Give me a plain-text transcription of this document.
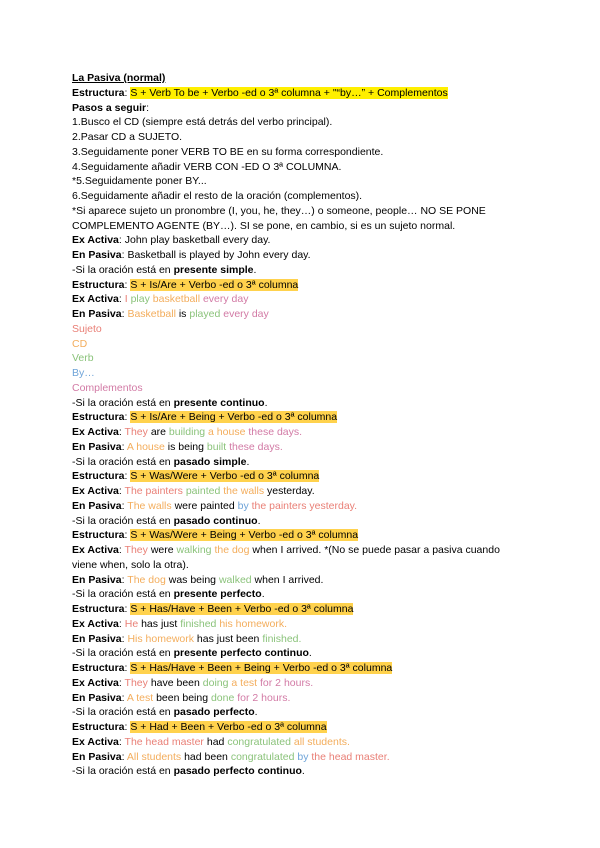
La Pasiva (normal)
Estructura: S + Verb To be + Verbo -ed o 3ª columna + "“by…” + Complementos
Pasos a seguir:
1.Busco el CD (siempre está detrás del verbo principal).
2.Pasar CD a SUJETO.
3.Seguidamente poner VERB TO BE en su forma correspondiente.
4.Seguidamente añadir VERB CON -ED O 3ª COLUMNA.
*5.Seguidamente poner BY...
6.Seguidamente añadir el resto de la oración (complementos).
*Si aparece sujeto un pronombre (I, you, he, they…) o someone, people… NO SE PONE
COMPLEMENTO AGENTE (BY…). SI se pone, en cambio, si es un sujeto normal.
Ex Activa: John play basketball every day.
En Pasiva: Basketball is played by John every day.
-Si la oración está en presente simple.
Estructura: S + Is/Are + Verbo -ed o 3ª columna
Ex Activa: I play basketball every day
En Pasiva: Basketball is played every day
Sujeto
CD
Verb
By…
Complementos
-Si la oración está en presente continuo.
Estructura: S + Is/Are + Being + Verbo -ed o 3ª columna
Ex Activa: They are building a house these days.
En Pasiva: A house is being built these days.
-Si la oración está en pasado simple.
Estructura: S + Was/Were + Verbo -ed o 3ª columna
Ex Activa: The painters painted the walls yesterday.
En Pasiva: The walls were painted by the painters yesterday.
-Si la oración está en pasado continuo.
Estructura: S + Was/Were + Being + Verbo -ed o 3ª columna
Ex Activa: They were walking the dog when I arrived. *(No se puede pasar a pasiva cuando
viene when, solo la otra).
En Pasiva: The dog was being walked when I arrived.
-Si la oración está en presente perfecto.
Estructura: S + Has/Have + Been + Verbo -ed o 3ª columna
Ex Activa: He has just finished his homework.
En Pasiva: His homework has just been finished.
-Si la oración está en presente perfecto continuo.
Estructura: S + Has/Have + Been + Being + Verbo -ed o 3ª columna
Ex Activa: They have been doing a test for 2 hours.
En Pasiva: A test been being done for 2 hours.
-Si la oración está en pasado perfecto.
Estructura: S + Had + Been + Verbo -ed o 3ª columna
Ex Activa: The head master had congratulated all students.
En Pasiva: All students had been congratulated by the head master.
-Si la oración está en pasado perfecto continuo.
